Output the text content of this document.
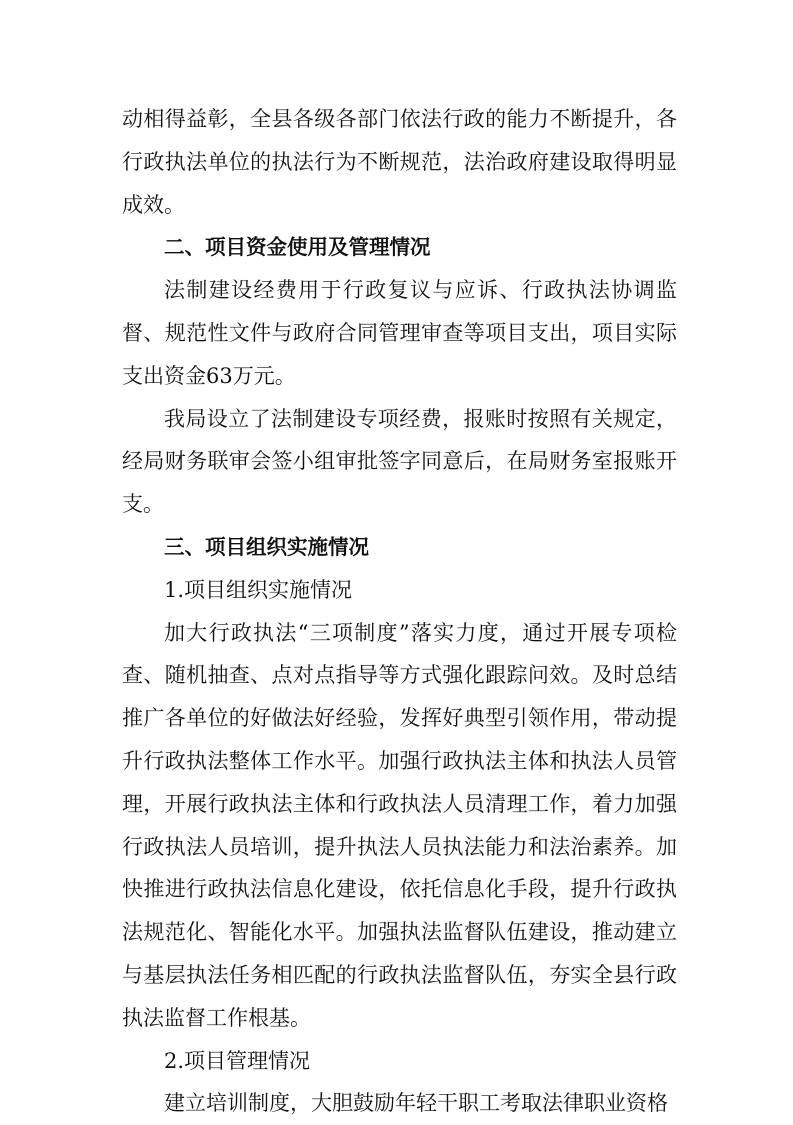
动相得益彰，全县各级各部门依法行政的能力不断提升，各行政执法单位的执法行为不断规范，法治政府建设取得明显成效。

二、项目资金使用及管理情况

法制建设经费用于行政复议与应诉、行政执法协调监督、规范性文件与政府合同管理审查等项目支出，项目实际支出资金63万元。

我局设立了法制建设专项经费，报账时按照有关规定，经局财务联审会签小组审批签字同意后，在局财务室报账开支。

三、项目组织实施情况

1.项目组织实施情况

加大行政执法“三项制度”落实力度，通过开展专项检查、随机抽查、点对点指导等方式强化跟踪问效。及时总结推广各单位的好做法好经验，发挥好典型引领作用，带动提升行政执法整体工作水平。加强行政执法主体和执法人员管理，开展行政执法主体和行政执法人员清理工作，着力加强行政执法人员培训，提升执法人员执法能力和法治素养。加快推进行政执法信息化建设，依托信息化手段，提升行政执法规范化、智能化水平。加强执法监督队伍建设，推动建立与基层执法任务相匹配的行政执法监督队伍，夯实全县行政执法监督工作根基。

2.项目管理情况

建立培训制度，大胆鼓励年轻干职工考取法律职业资格
